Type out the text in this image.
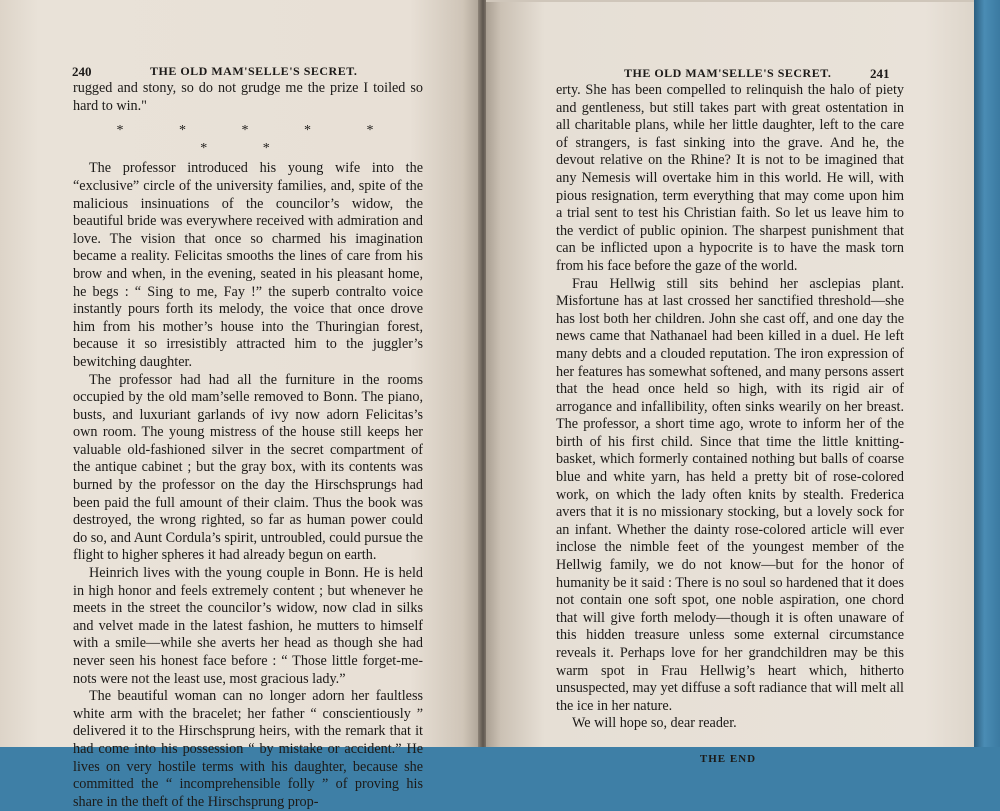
240	THE OLD MAM'SELLE'S SECRET.

rugged and stony, so do not grudge me the prize I toiled so hard to win."

* * * * * * *

The professor introduced his young wife into the “exclusive” circle of the university families, and, spite of the malicious insinuations of the councilor’s widow, the beautiful bride was everywhere received with admiration and love. The vision that once so charmed his imagination became a reality. Felicitas smooths the lines of care from his brow and when, in the evening, seated in his pleasant home, he begs : “ Sing to me, Fay !” the superb contralto voice instantly pours forth its melody, the voice that once drove him from his mother’s house into the Thuringian forest, because it so irresistibly attracted him to the juggler’s bewitching daughter.

The professor had had all the furniture in the rooms occupied by the old mam’selle removed to Bonn. The piano, busts, and luxuriant garlands of ivy now adorn Felicitas’s own room. The young mistress of the house still keeps her valuable old-fashioned silver in the secret compartment of the antique cabinet ; but the gray box, with its contents was burned by the professor on the day the Hirschsprungs had been paid the full amount of their claim. Thus the book was destroyed, the wrong righted, so far as human power could do so, and Aunt Cordula’s spirit, untroubled, could pursue the flight to higher spheres it had already begun on earth.

Heinrich lives with the young couple in Bonn. He is held in high honor and feels extremely content ; but whenever he meets in the street the councilor’s widow, now clad in silks and velvet made in the latest fashion, he mutters to himself with a smile—while she averts her head as though she had never seen his honest face before : “ Those little forget-me-nots were not the least use, most gracious lady.”

The beautiful woman can no longer adorn her faultless white arm with the bracelet; her father “ conscientiously ” delivered it to the Hirschsprung heirs, with the remark that it had come into his possession “ by mistake or accident.” He lives on very hostile terms with his daughter, because she committed the “ incomprehensible folly ” of proving his share in the theft of the Hirschsprung prop-

THE OLD MAM'SELLE'S SECRET.	241

erty. She has been compelled to relinquish the halo of piety and gentleness, but still takes part with great ostentation in all charitable plans, while her little daughter, left to the care of strangers, is fast sinking into the grave. And he, the devout relative on the Rhine? It is not to be imagined that any Nemesis will overtake him in this world. He will, with pious resignation, term everything that may come upon him a trial sent to test his Christian faith. So let us leave him to the verdict of public opinion. The sharpest punishment that can be inflicted upon a hypocrite is to have the mask torn from his face before the gaze of the world.

Frau Hellwig still sits behind her asclepias plant. Misfortune has at last crossed her sanctified threshold—she has lost both her children. John she cast off, and one day the news came that Nathanael had been killed in a duel. He left many debts and a clouded reputation. The iron expression of her features has somewhat softened, and many persons assert that the head once held so high, with its rigid air of arrogance and infallibility, often sinks wearily on her breast. The professor, a short time ago, wrote to inform her of the birth of his first child. Since that time the little knitting-basket, which formerly contained nothing but balls of coarse blue and white yarn, has held a pretty bit of rose-colored work, on which the lady often knits by stealth. Frederica avers that it is no missionary stocking, but a lovely sock for an infant. Whether the dainty rose-colored article will ever inclose the nimble feet of the youngest member of the Hellwig family, we do not know—but for the honor of humanity be it said : There is no soul so hardened that it does not contain one soft spot, one noble aspiration, one chord that will give forth melody—though it is often unaware of this hidden treasure unless some external circumstance reveals it. Perhaps love for her grandchildren may be this warm spot in Frau Hellwig’s heart which, hitherto unsuspected, may yet diffuse a soft radiance that will melt all the ice in her nature.

We will hope so, dear reader.

THE END
